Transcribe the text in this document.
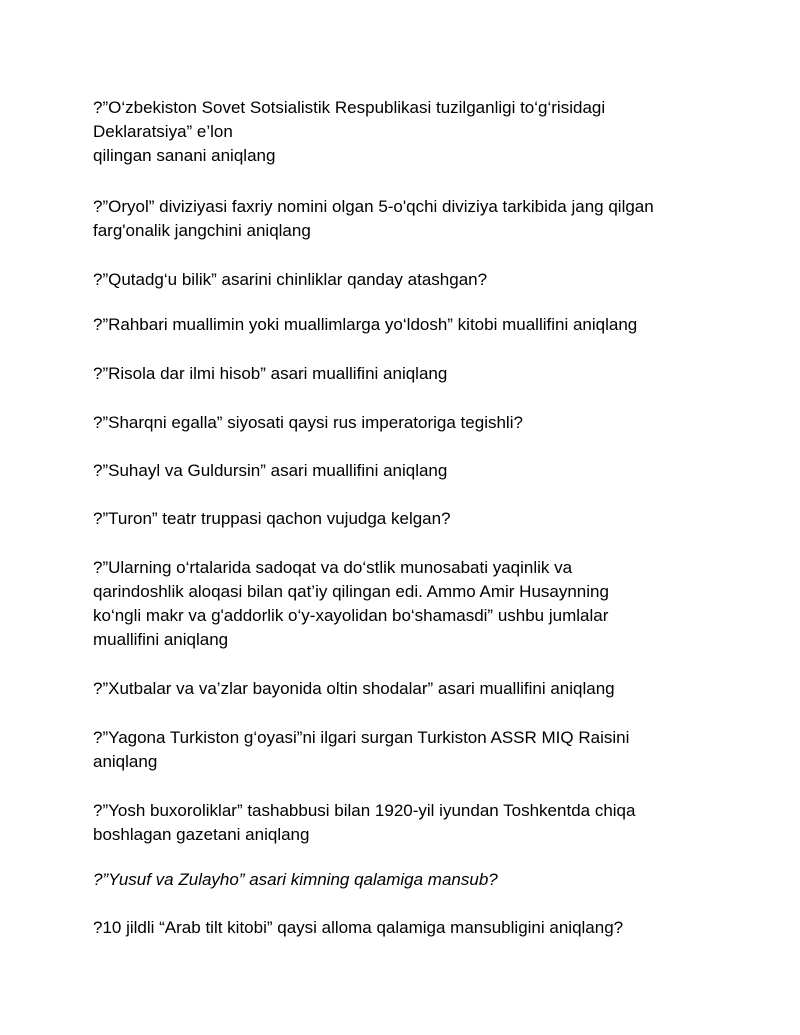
?”O‘zbekiston Sovet Sotsialistik Respublikasi tuzilganligi to‘g‘risidagi
Deklaratsiya” e’lon
qilingan sanani aniqlang

?”Oryol” diviziyasi faxriy nomini olgan 5-o'qchi diviziya tarkibida jang qilgan
farg'onalik jangchini aniqlang

?”Qutadg‘u bilik” asarini chinliklar qanday atashgan?

?”Rahbari muallimin yoki muallimlarga yo‘ldosh” kitobi muallifini aniqlang

?”Risola dar ilmi hisob” asari muallifini aniqlang

?”Sharqni egalla” siyosati qaysi rus imperatoriga tegishli?

?”Suhayl va Guldursin” asari muallifini aniqlang

?”Turon” teatr truppasi qachon vujudga kelgan?

?”Ularning o‘rtalarida sadoqat va do‘stlik munosabati yaqinlik va
qarindoshlik aloqasi bilan qat’iy qilingan edi. Ammo Amir Husaynning
ko‘ngli makr va g'addorlik o‘y-xayolidan bo‘shamasdi” ushbu jumlalar
muallifini aniqlang

?”Xutbalar va va’zlar bayonida oltin shodalar” asari muallifini aniqlang

?”Yagona Turkiston g‘oyasi”ni ilgari surgan Turkiston ASSR MIQ Raisini
aniqlang

?”Yosh buxoroliklar” tashabbusi bilan 1920-yil iyundan Toshkentda chiqa
boshlagan gazetani aniqlang

?”Yusuf va Zulayho” asari kimning qalamiga mansub?

?10 jildli “Arab tilt kitobi” qaysi alloma qalamiga mansubligini aniqlang?
